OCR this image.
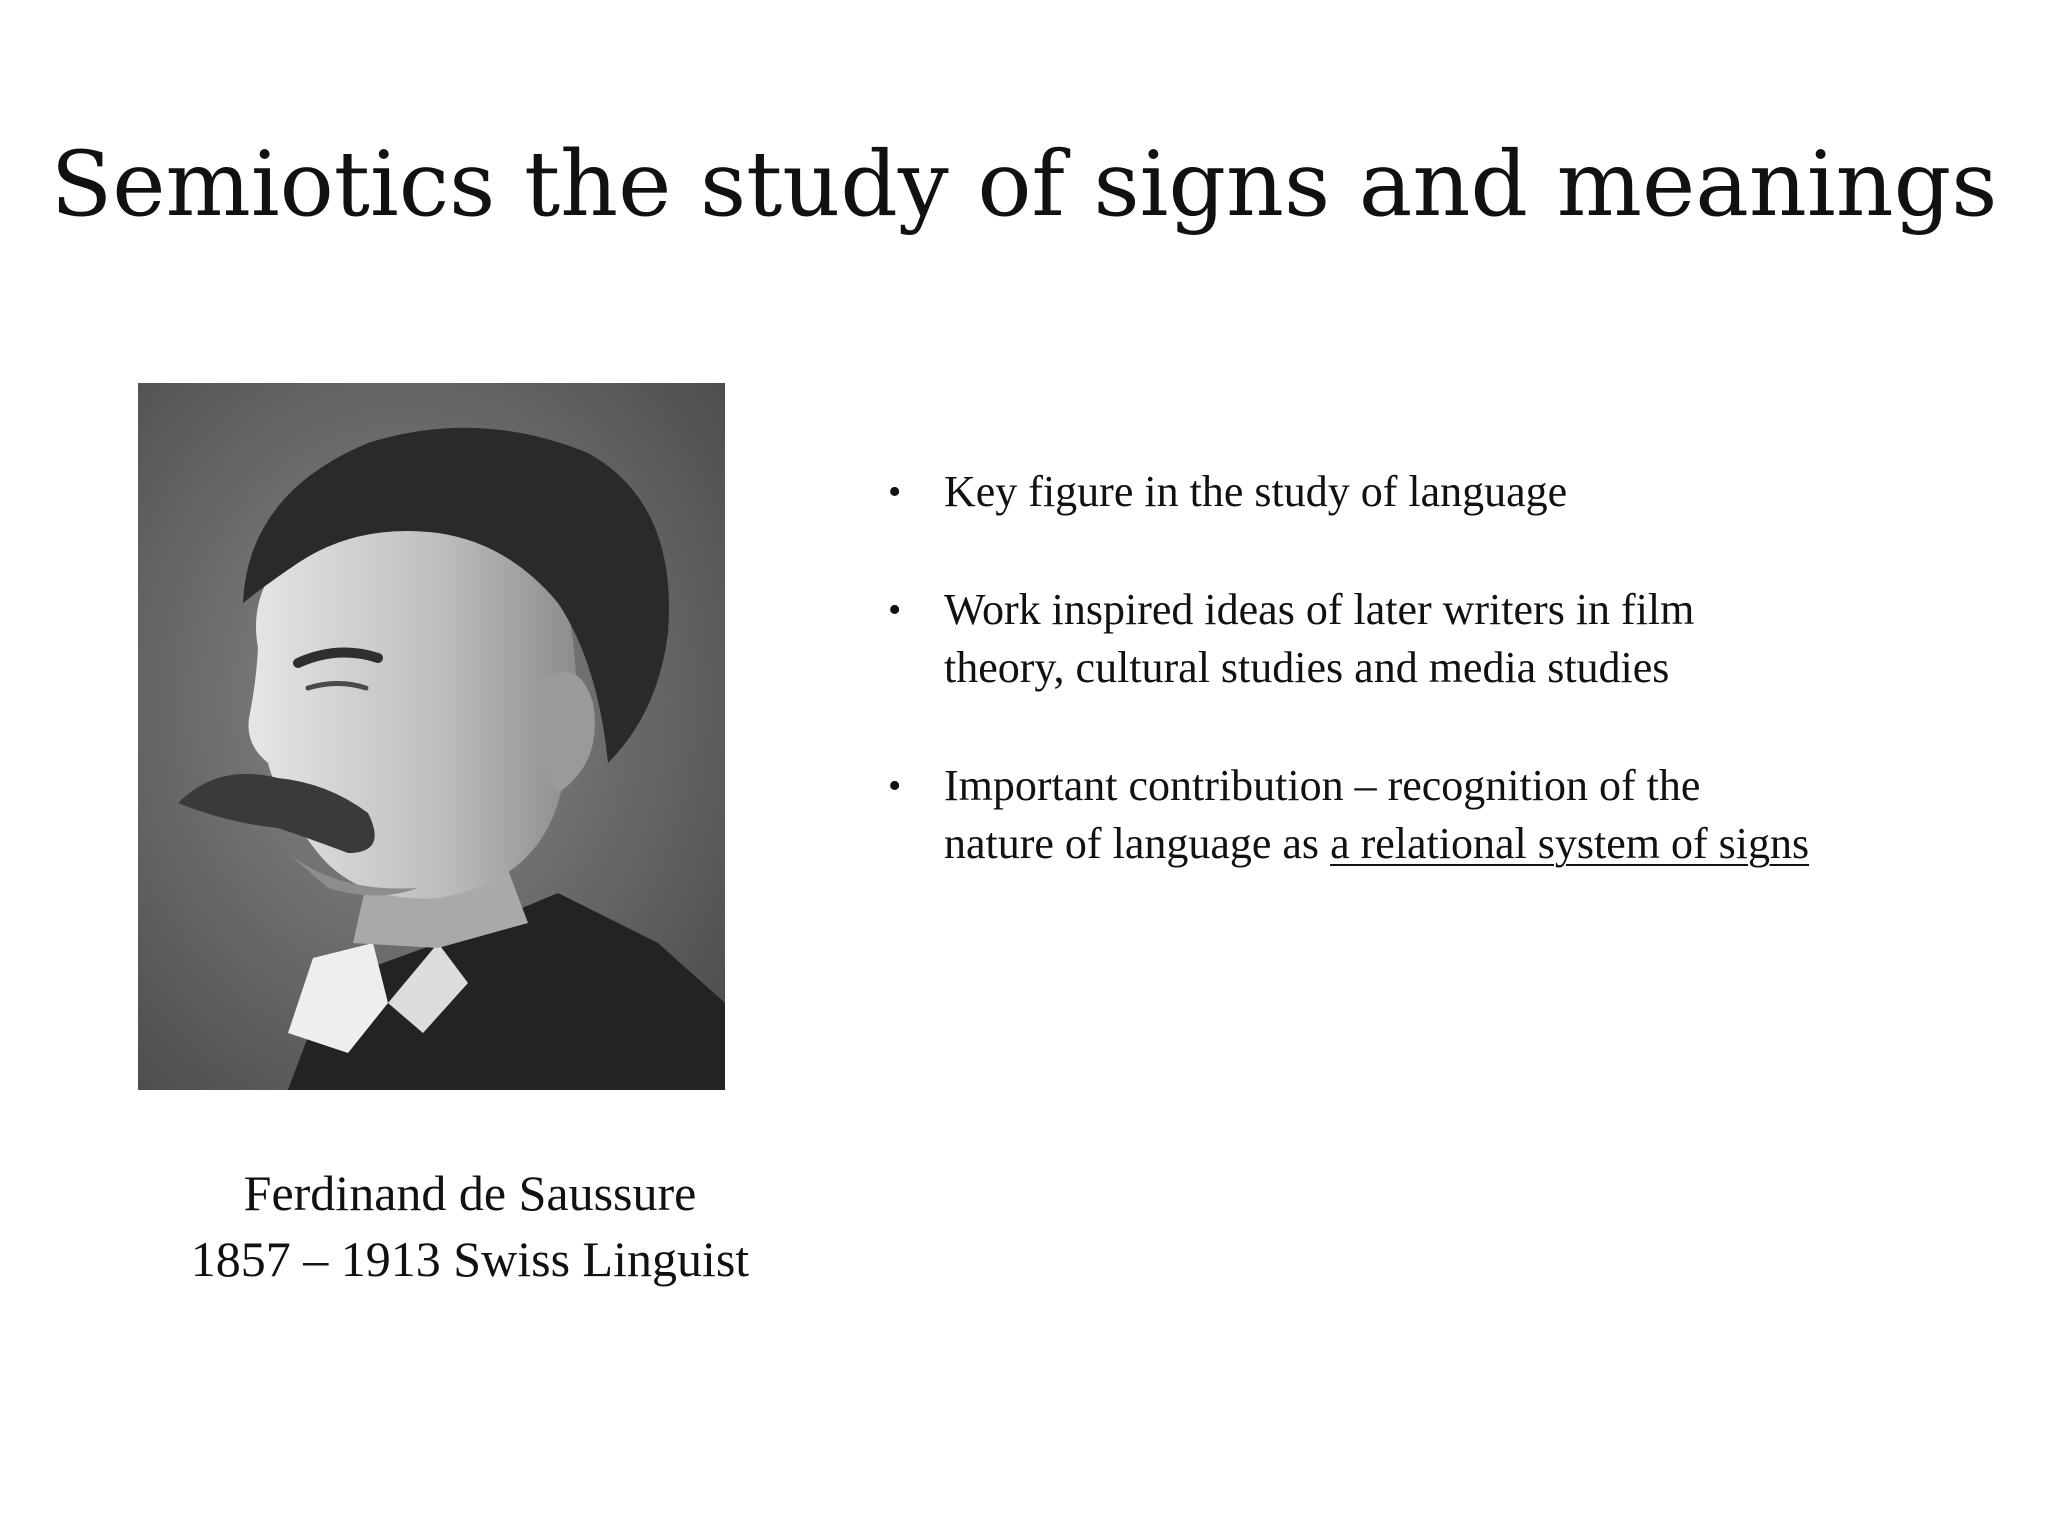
Semiotics the study of signs and meanings
Ferdinand de Saussure
1857 – 1913 Swiss Linguist
• Key figure in the study of language
• Work inspired ideas of later writers in film
theory, cultural studies and media studies
• Important contribution – recognition of the
nature of language as a relational system of signs
